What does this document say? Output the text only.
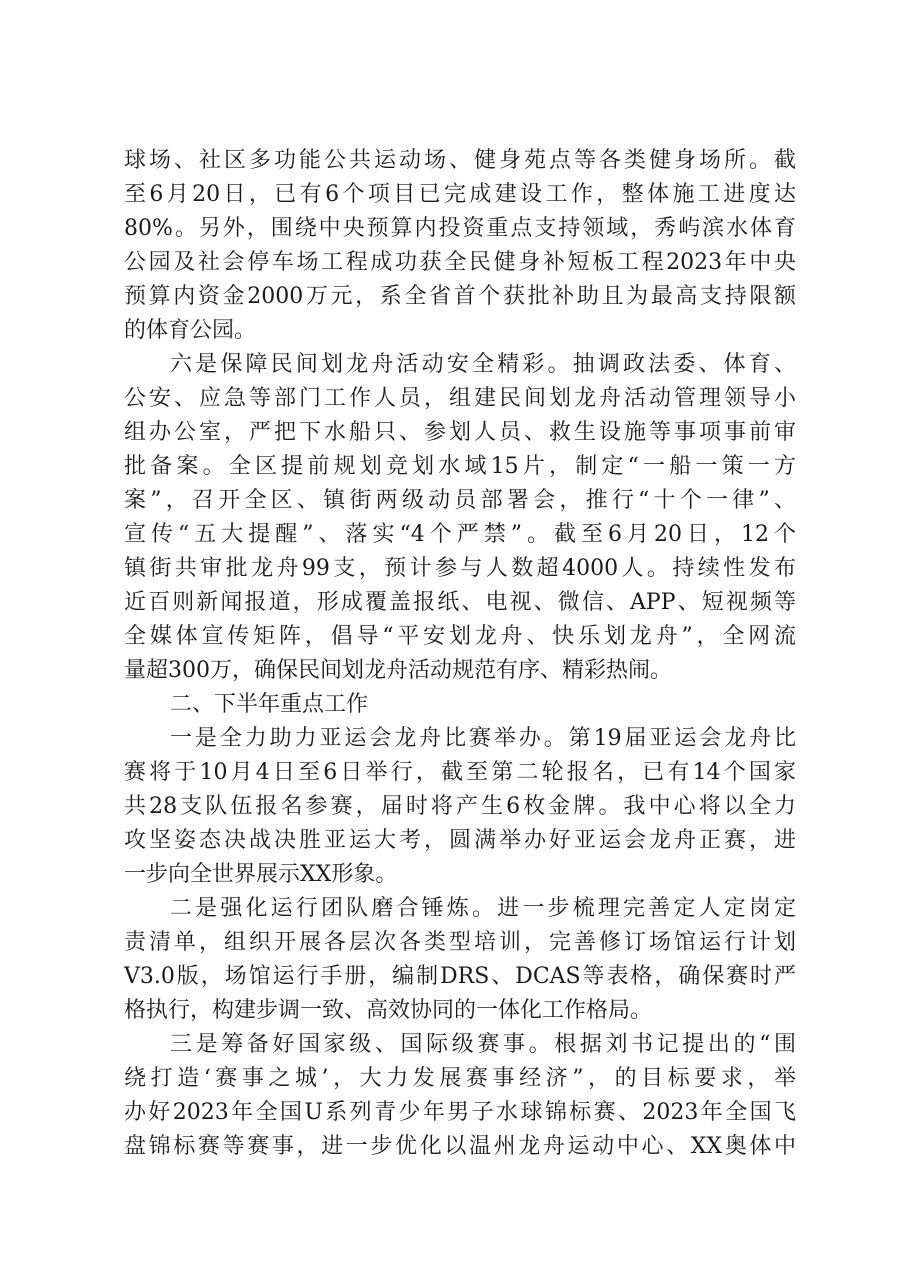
球场、社区多功能公共运动场、健身苑点等各类健身场所。截
至6月20日，已有6个项目已完成建设工作，整体施工进度达
80%。另外，围绕中央预算内投资重点支持领域，秀屿滨水体育
公园及社会停车场工程成功获全民健身补短板工程2023年中央
预算内资金2000万元，系全省首个获批补助且为最高支持限额
的体育公园。
六是保障民间划龙舟活动安全精彩。抽调政法委、体育、
公安、应急等部门工作人员，组建民间划龙舟活动管理领导小
组办公室，严把下水船只、参划人员、救生设施等事项事前审
批备案。全区提前规划竞划水域15片，制定“一船一策一方
案”，召开全区、镇街两级动员部署会，推行“十个一律”、
宣传“五大提醒”、落实“4个严禁”。截至6月20日，12个
镇街共审批龙舟99支，预计参与人数超4000人。持续性发布
近百则新闻报道，形成覆盖报纸、电视、微信、APP、短视频等
全媒体宣传矩阵，倡导“平安划龙舟、快乐划龙舟”，全网流
量超300万，确保民间划龙舟活动规范有序、精彩热闹。
二、下半年重点工作
一是全力助力亚运会龙舟比赛举办。第19届亚运会龙舟比
赛将于10月4日至6日举行，截至第二轮报名，已有14个国家
共28支队伍报名参赛，届时将产生6枚金牌。我中心将以全力
攻坚姿态决战决胜亚运大考，圆满举办好亚运会龙舟正赛，进
一步向全世界展示XX形象。
二是强化运行团队磨合锤炼。进一步梳理完善定人定岗定
责清单，组织开展各层次各类型培训，完善修订场馆运行计划
V3.0版，场馆运行手册，编制DRS、DCAS等表格，确保赛时严
格执行，构建步调一致、高效协同的一体化工作格局。
三是筹备好国家级、国际级赛事。根据刘书记提出的“围
绕打造‘赛事之城’，大力发展赛事经济”，的目标要求，举
办好2023年全国U系列青少年男子水球锦标赛、2023年全国飞
盘锦标赛等赛事，进一步优化以温州龙舟运动中心、XX奥体中
